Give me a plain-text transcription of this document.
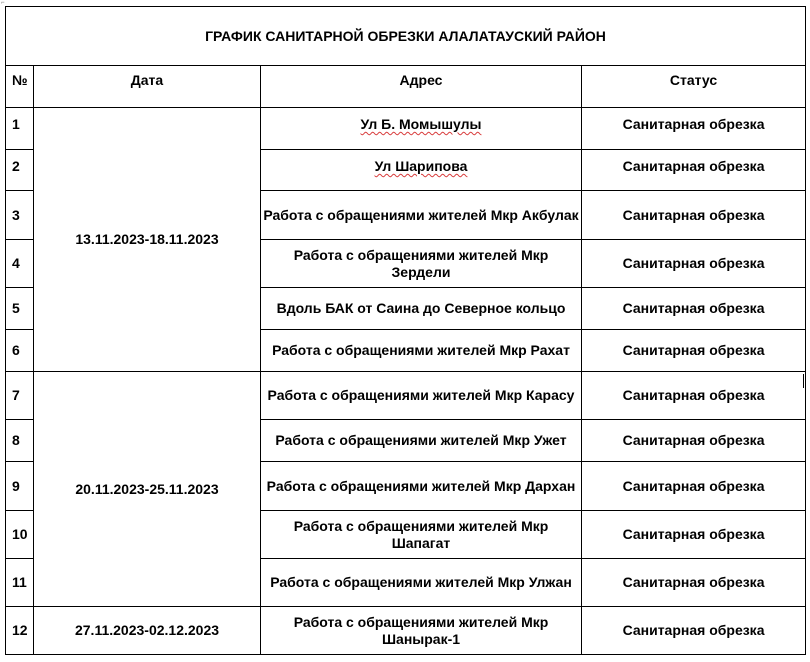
⌐
ГРАФИК САНИТАРНОЙ ОБРЕЗКИ АЛАЛАТАУСКИЙ РАЙОН			
№	Дата	Адрес	Статус
1	13.11.2023-18.11.2023	Ул Б. Момышулы	Санитарная обрезка
2		Ул Шарипова	Санитарная обрезка
3		Работа с обращениями жителей Мкр Акбулак	Санитарная обрезка
4		Работа с обращениями жителей Мкр Зердели	Санитарная обрезка
5		Вдоль БАК от Саина до Северное кольцо	Санитарная обрезка
6		Работа с обращениями жителей Мкр Рахат	Санитарная обрезка
7	20.11.2023-25.11.2023	Работа с обращениями жителей Мкр Карасу	Санитарная обрезка
8		Работа с обращениями жителей Мкр Ужет	Санитарная обрезка
9		Работа с обращениями жителей Мкр Дархан	Санитарная обрезка
10		Работа с обращениями жителей Мкр Шапагат	Санитарная обрезка
11		Работа с обращениями жителей Мкр Улжан	Санитарная обрезка
12	27.11.2023-02.12.2023	Работа с обращениями жителей Мкр Шанырак-1	Санитарная обрезка
